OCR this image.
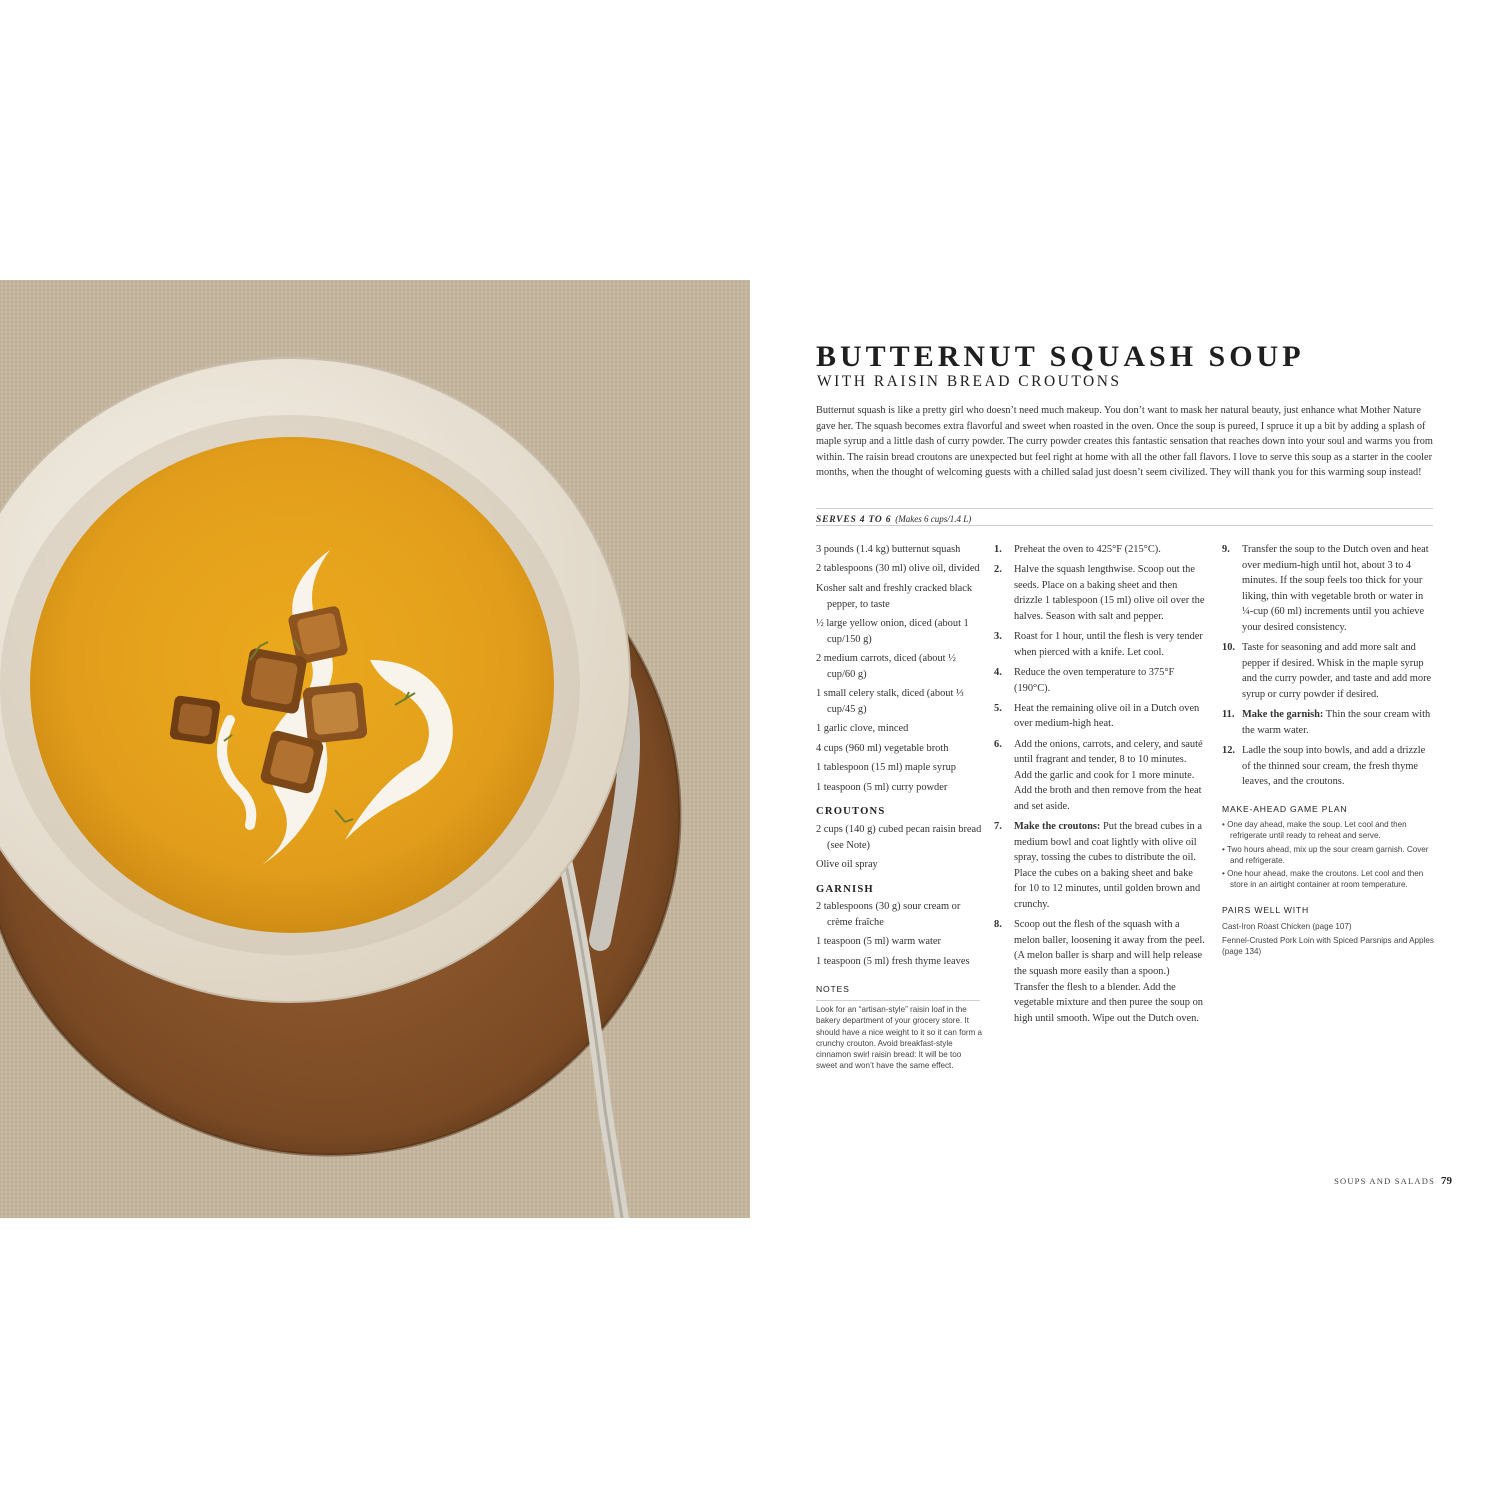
BUTTERNUT SQUASH SOUP
WITH RAISIN BREAD CROUTONS

Butternut squash is like a pretty girl who doesn’t need much makeup. You don’t want to mask her natural beauty, just enhance what Mother Nature gave her. The squash becomes extra flavorful and sweet when roasted in the oven. Once the soup is pureed, I spruce it up a bit by adding a splash of maple syrup and a little dash of curry powder. The curry powder creates this fantastic sensation that reaches down into your soul and warms you from within. The raisin bread croutons are unexpected but feel right at home with all the other fall flavors. I love to serve this soup as a starter in the cooler months, when the thought of welcoming guests with a chilled salad just doesn’t seem civilized. They will thank you for this warming soup instead!

SERVES 4 TO 6 (Makes 6 cups/1.4 L)
3 pounds (1.4 kg) butternut squash
2 tablespoons (30 ml) olive oil, divided
Kosher salt and freshly cracked black pepper, to taste
½ large yellow onion, diced (about 1 cup/150 g)
2 medium carrots, diced (about ½ cup/60 g)
1 small celery stalk, diced (about ⅓ cup/45 g)
1 garlic clove, minced
4 cups (960 ml) vegetable broth
1 tablespoon (15 ml) maple syrup
1 teaspoon (5 ml) curry powder
CROUTONS
2 cups (140 g) cubed pecan raisin bread (see Note)
Olive oil spray
GARNISH
2 tablespoons (30 g) sour cream or crème fraîche
1 teaspoon (5 ml) warm water
1 teaspoon (5 ml) fresh thyme leaves
NOTES
Look for an “artisan-style” raisin loaf in the bakery department of your grocery store. It should have a nice weight to it so it can form a crunchy crouton. Avoid breakfast-style cinnamon swirl raisin bread: It will be too sweet and won’t have the same effect.
1. Preheat the oven to 425°F (215°C).
2. Halve the squash lengthwise. Scoop out the seeds. Place on a baking sheet and then drizzle 1 tablespoon (15 ml) olive oil over the halves. Season with salt and pepper.
3. Roast for 1 hour, until the flesh is very tender when pierced with a knife. Let cool.
4. Reduce the oven temperature to 375°F (190°C).
5. Heat the remaining olive oil in a Dutch oven over medium-high heat.
6. Add the onions, carrots, and celery, and sauté until fragrant and tender, 8 to 10 minutes. Add the garlic and cook for 1 more minute. Add the broth and then remove from the heat and set aside.
7. Make the croutons: Put the bread cubes in a medium bowl and coat lightly with olive oil spray, tossing the cubes to distribute the oil. Place the cubes on a baking sheet and bake for 10 to 12 minutes, until golden brown and crunchy.
8. Scoop out the flesh of the squash with a melon baller, loosening it away from the peel. (A melon baller is sharp and will help release the squash more easily than a spoon.) Transfer the flesh to a blender. Add the vegetable mixture and then puree the soup on high until smooth. Wipe out the Dutch oven.
9. Transfer the soup to the Dutch oven and heat over medium-high until hot, about 3 to 4 minutes. If the soup feels too thick for your liking, thin with vegetable broth or water in ¼-cup (60 ml) increments until you achieve your desired consistency.
10. Taste for seasoning and add more salt and pepper if desired. Whisk in the maple syrup and the curry powder, and taste and add more syrup or curry powder if desired.
11. Make the garnish: Thin the sour cream with the warm water.
12. Ladle the soup into bowls, and add a drizzle of the thinned sour cream, the fresh thyme leaves, and the croutons.
MAKE-AHEAD GAME PLAN
• One day ahead, make the soup. Let cool and then refrigerate until ready to reheat and serve.
• Two hours ahead, mix up the sour cream garnish. Cover and refrigerate.
• One hour ahead, make the croutons. Let cool and then store in an airtight container at room temperature.
PAIRS WELL WITH
Cast-Iron Roast Chicken (page 107)
Fennel-Crusted Pork Loin with Spiced Parsnips and Apples (page 134)
SOUPS AND SALADS 79
